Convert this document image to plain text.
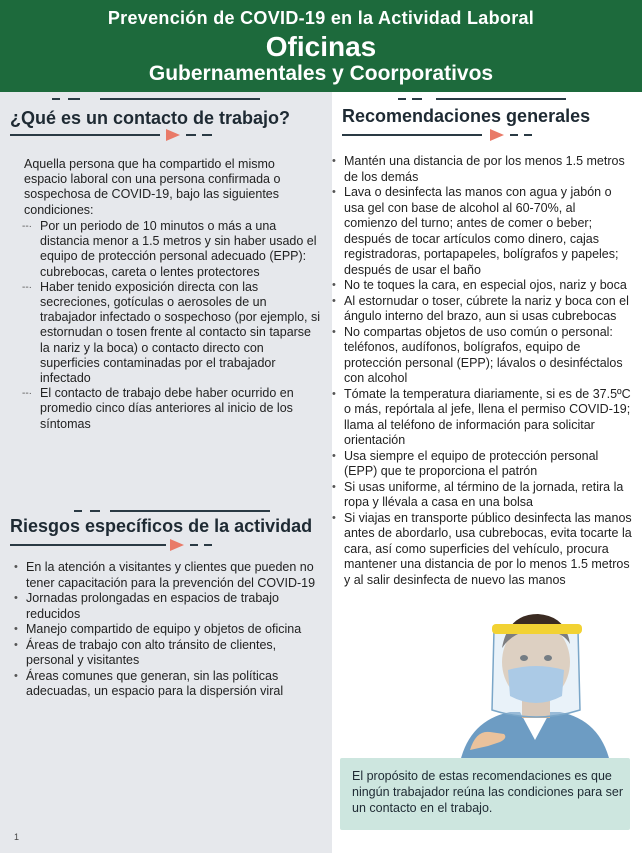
Prevención de COVID-19 en la Actividad Laboral
Oficinas
Gubernamentales y Coorporativos
¿Qué es un contacto de trabajo?
Aquella persona que ha compartido el mismo espacio laboral con una persona confirmada o sospechosa de COVID-19, bajo las siguientes condiciones:
--· Por un periodo de 10 minutos o más a una distancia menor a 1.5 metros y sin haber usado el equipo de protección personal adecuado (EPP): cubrebocas, careta o lentes protectores
--· Haber tenido exposición directa con las secreciones, gotículas o aerosoles de un trabajador infectado o sospechoso (por ejemplo, si estornudan o tosen frente al contacto sin taparse la nariz y la boca) o contacto directo con superficies contaminadas por el trabajador infectado
--· El contacto de trabajo debe haber ocurrido en promedio cinco días anteriores al inicio de los síntomas
Riesgos específicos de la actividad
• En la atención a visitantes y clientes que pueden no tener capacitación para la prevención del COVID-19
• Jornadas prolongadas en espacios de trabajo reducidos
• Manejo compartido de equipo y objetos de oficina
• Áreas de trabajo con alto tránsito de clientes, personal y visitantes
• Áreas comunes que generan, sin las políticas adecuadas, un espacio para la dispersión viral
Recomendaciones generales
• Mantén una distancia de por los menos 1.5 metros de los demás
• Lava o desinfecta las manos con agua y jabón o usa gel con base de alcohol al 60-70%, al comienzo del turno; antes de comer o beber; después de tocar artículos como dinero, cajas registradoras, portapapeles, bolígrafos y papeles; después de usar el baño
• No te toques la cara, en especial ojos, nariz y boca
• Al estornudar o toser, cúbrete la nariz y boca con el ángulo interno del brazo, aun si usas cubrebocas
• No compartas objetos de uso común o personal: teléfonos, audífonos, bolígrafos, equipo de protección personal (EPP); lávalos o desinféctalos con alcohol
• Tómate la temperatura diariamente, si es de 37.5ºC o más, repórtala al jefe, llena el permiso COVID-19; llama al teléfono de información para solicitar orientación
• Usa siempre el equipo de protección personal (EPP) que te proporciona el patrón
• Si usas uniforme, al término de la jornada, retira la ropa y llévala a casa en una bolsa
• Si viajas en transporte público desinfecta las manos antes de abordarlo, usa cubrebocas, evita tocarte la cara, así como superficies del vehículo, procura mantener una distancia de por lo menos 1.5 metros y al salir desinfecta de nuevo las manos

El propósito de estas recomendaciones es que ningún trabajador reúna las condiciones para ser un contacto en el trabajo.

1
